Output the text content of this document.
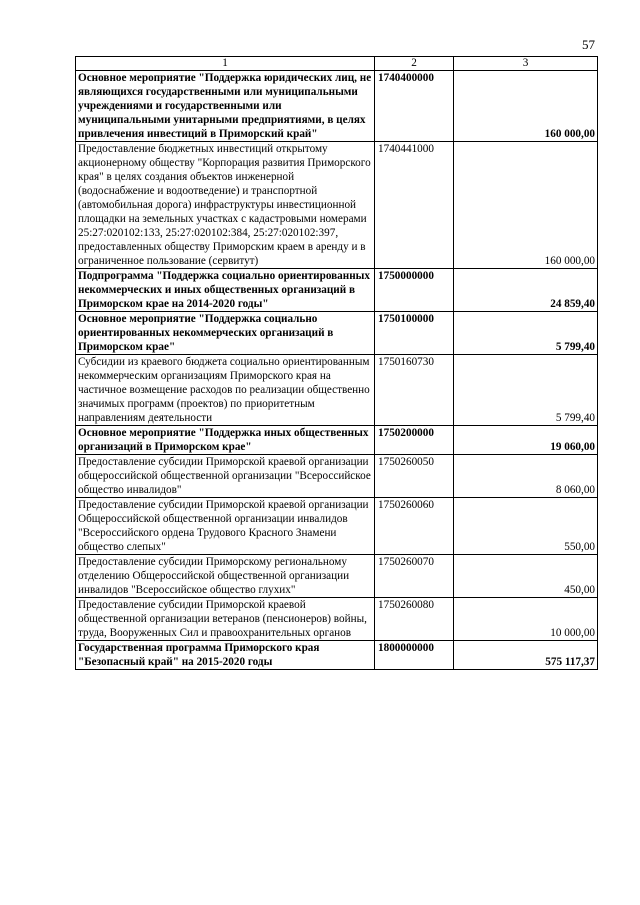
57
1	2	3
Основное мероприятие "Поддержка юридических лиц, не являющихся государственными или муниципальными учреждениями и государственными или муниципальными унитарными предприятиями, в целях привлечения инвестиций в Приморский край"	1740400000	160 000,00
Предоставление бюджетных инвестиций открытому акционерному обществу "Корпорация развития Приморского края" в целях создания объектов инженерной (водоснабжение и водоотведение) и транспортной (автомобильная дорога) инфраструктуры инвестиционной площадки на земельных участках с кадастровыми номерами 25:27:020102:133, 25:27:020102:384, 25:27:020102:397, предоставленных обществу Приморским краем в аренду и в ограниченное пользование (сервитут)	1740441000	160 000,00
Подпрограмма "Поддержка социально ориентированных некоммерческих и иных общественных организаций в Приморском крае на 2014-2020 годы"	1750000000	24 859,40
Основное мероприятие "Поддержка социально ориентированных некоммерческих организаций в Приморском крае"	1750100000	5 799,40
Субсидии из краевого бюджета социально ориентированным некоммерческим организациям Приморского края на частичное возмещение расходов по реализации общественно значимых программ (проектов) по приоритетным направлениям деятельности	1750160730	5 799,40
Основное мероприятие "Поддержка иных общественных организаций в Приморском крае"	1750200000	19 060,00
Предоставление субсидии Приморской краевой организации общероссийской общественной организации "Всероссийское общество инвалидов"	1750260050	8 060,00
Предоставление субсидии Приморской краевой организации Общероссийской общественной организации инвалидов "Всероссийского ордена Трудового Красного Знамени общество слепых"	1750260060	550,00
Предоставление субсидии Приморскому региональному отделению Общероссийской общественной организации инвалидов "Всероссийское общество глухих"	1750260070	450,00
Предоставление субсидии Приморской краевой общественной организации ветеранов (пенсионеров) войны, труда, Вооруженных Сил и правоохранительных органов	1750260080	10 000,00
Государственная программа Приморского края "Безопасный край" на 2015-2020 годы	1800000000	575 117,37
